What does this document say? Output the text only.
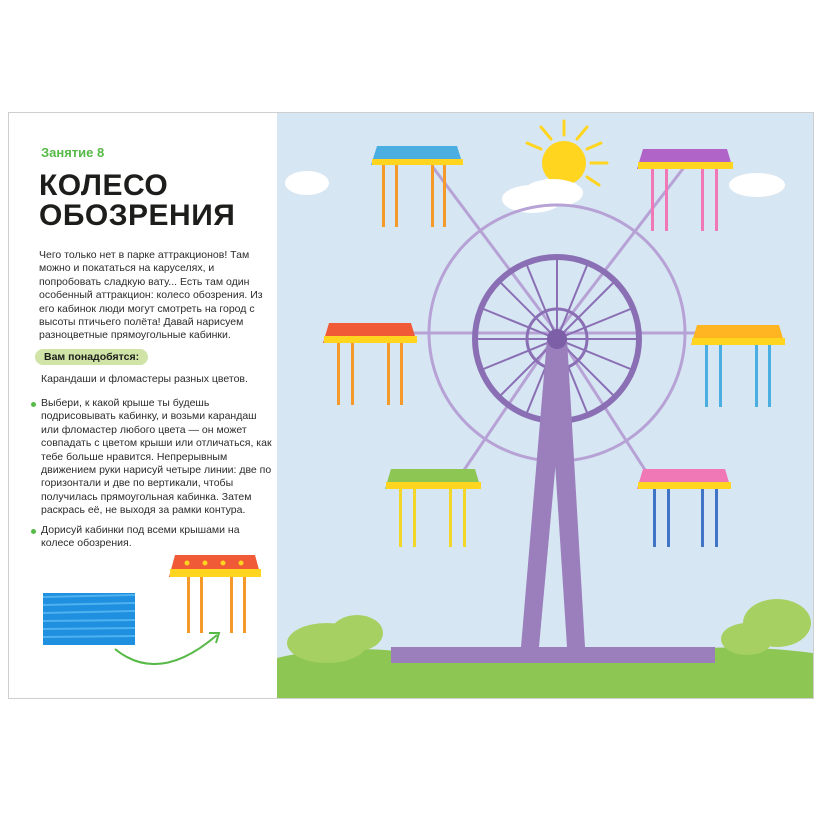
Занятие 8
КОЛЕСО
ОБОЗРЕНИЯ
Чего только нет в парке аттракционов! Там можно и покататься на каруселях, и попробовать сладкую вату... Есть там один особенный аттракцион: колесо обозрения. Из его кабинок люди могут смотреть на город с высоты птичьего полёта! Давай нарисуем разноцветные прямоугольные кабинки.
Вам понадобятся:
Карандаши и фломастеры разных цветов.
Выбери, к какой крыше ты будешь подрисовывать кабинку, и возьми карандаш или фломастер любого цвета — он может совпадать с цветом крыши или отличаться, как тебе больше нравится. Непрерывным движением руки нарисуй четыре линии: две по горизонтали и две по вертикали, чтобы получилась прямоугольная кабинка. Затем раскрась её, не выходя за рамки контура.
Дорисуй кабинки под всеми крышами на колесе обозрения.
